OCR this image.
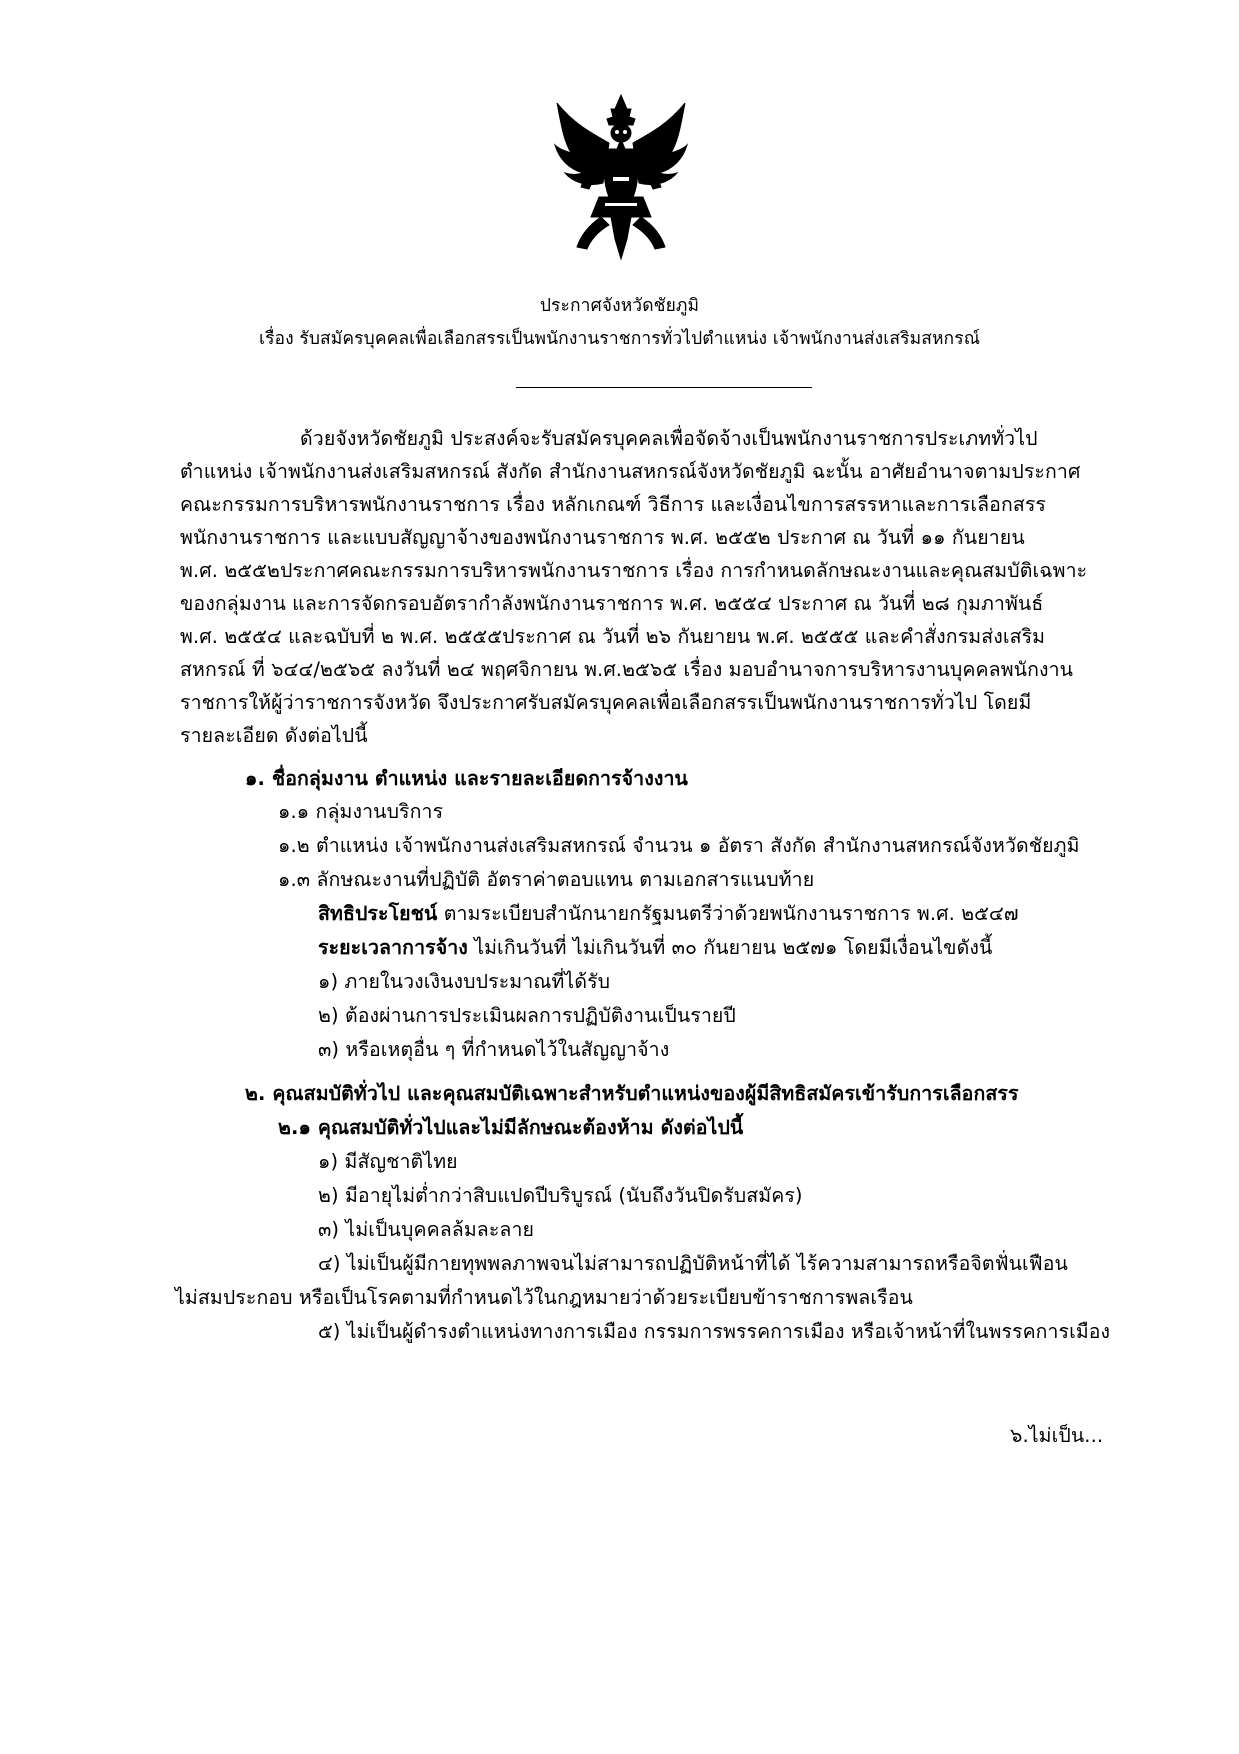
ประกาศจังหวัดชัยภูมิ
เรื่อง รับสมัครบุคคลเพื่อเลือกสรรเป็นพนักงานราชการทั่วไปตำแหน่ง เจ้าพนักงานส่งเสริมสหกรณ์
ด้วยจังหวัดชัยภูมิ ประสงค์จะรับสมัครบุคคลเพื่อจัดจ้างเป็นพนักงานราชการประเภททั่วไป
ตำแหน่ง เจ้าพนักงานส่งเสริมสหกรณ์ สังกัด สำนักงานสหกรณ์จังหวัดชัยภูมิ ฉะนั้น อาศัยอำนาจตามประกาศ
คณะกรรมการบริหารพนักงานราชการ เรื่อง หลักเกณฑ์ วิธีการ และเงื่อนไขการสรรหาและการเลือกสรร
พนักงานราชการ และแบบสัญญาจ้างของพนักงานราชการ พ.ศ. ๒๕๕๒ ประกาศ ณ วันที่ ๑๑ กันยายน
พ.ศ. ๒๕๕๒ประกาศคณะกรรมการบริหารพนักงานราชการ เรื่อง การกำหนดลักษณะงานและคุณสมบัติเฉพาะ
ของกลุ่มงาน และการจัดกรอบอัตรากำลังพนักงานราชการ พ.ศ. ๒๕๕๔ ประกาศ ณ วันที่ ๒๘ กุมภาพันธ์
พ.ศ. ๒๕๕๔ และฉบับที่ ๒ พ.ศ. ๒๕๕๕ประกาศ ณ วันที่ ๒๖ กันยายน พ.ศ. ๒๕๕๕ และคำสั่งกรมส่งเสริม
สหกรณ์ ที่ ๖๔๔/๒๕๖๕ ลงวันที่ ๒๔ พฤศจิกายน พ.ศ.๒๕๖๕ เรื่อง มอบอำนาจการบริหารงานบุคคลพนักงาน
ราชการให้ผู้ว่าราชการจังหวัด จึงประกาศรับสมัครบุคคลเพื่อเลือกสรรเป็นพนักงานราชการทั่วไป โดยมี
รายละเอียด ดังต่อไปนี้
๑. ชื่อกลุ่มงาน ตำแหน่ง และรายละเอียดการจ้างงาน
๑.๑ กลุ่มงานบริการ
๑.๒ ตำแหน่ง เจ้าพนักงานส่งเสริมสหกรณ์ จำนวน ๑ อัตรา สังกัด สำนักงานสหกรณ์จังหวัดชัยภูมิ
๑.๓ ลักษณะงานที่ปฏิบัติ อัตราค่าตอบแทน ตามเอกสารแนบท้าย
สิทธิประโยชน์ ตามระเบียบสำนักนายกรัฐมนตรีว่าด้วยพนักงานราชการ พ.ศ. ๒๕๔๗
ระยะเวลาการจ้าง ไม่เกินวันที่ ไม่เกินวันที่ ๓๐ กันยายน ๒๕๗๑ โดยมีเงื่อนไขดังนี้
๑) ภายในวงเงินงบประมาณที่ได้รับ
๒) ต้องผ่านการประเมินผลการปฏิบัติงานเป็นรายปี
๓) หรือเหตุอื่น ๆ ที่กำหนดไว้ในสัญญาจ้าง
๒. คุณสมบัติทั่วไป และคุณสมบัติเฉพาะสำหรับตำแหน่งของผู้มีสิทธิสมัครเข้ารับการเลือกสรร
๒.๑ คุณสมบัติทั่วไปและไม่มีลักษณะต้องห้าม ดังต่อไปนี้
๑) มีสัญชาติไทย
๒) มีอายุไม่ต่ำกว่าสิบแปดปีบริบูรณ์ (นับถึงวันปิดรับสมัคร)
๓) ไม่เป็นบุคคลล้มละลาย
๔) ไม่เป็นผู้มีกายทุพพลภาพจนไม่สามารถปฏิบัติหน้าที่ได้ ไร้ความสามารถหรือจิตฟั่นเฟือน
ไม่สมประกอบ หรือเป็นโรคตามที่กำหนดไว้ในกฎหมายว่าด้วยระเบียบข้าราชการพลเรือน
๕) ไม่เป็นผู้ดำรงตำแหน่งทางการเมือง กรรมการพรรคการเมือง หรือเจ้าหน้าที่ในพรรคการเมือง
๖.ไม่เป็น...
